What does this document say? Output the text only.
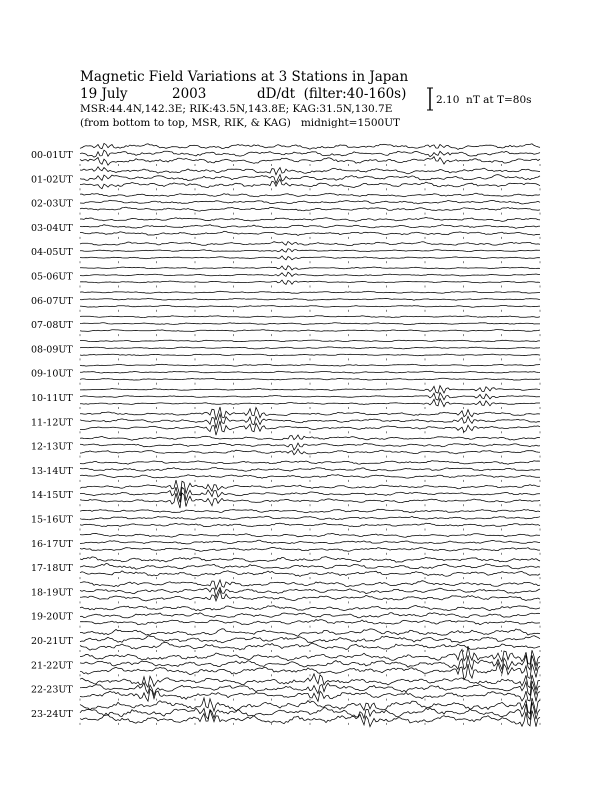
Magnetic Field Variations at 3 Stations in Japan

19 July

	2003

	dD/dt  (filter:40-160s)

MSR:44.4N,142.3E; RIK:43.5N,143.8E; KAG:31.5N,130.7E
(from bottom to top, MSR, RIK, & KAG)   midnight=1500UT
2.10  nT at T=80s
00-01UT
01-02UT
02-03UT
03-04UT
04-05UT
05-06UT
06-07UT
07-08UT
08-09UT
09-10UT
10-11UT
11-12UT
12-13UT
13-14UT
14-15UT
15-16UT
16-17UT
17-18UT
18-19UT
19-20UT
20-21UT
21-22UT
22-23UT
23-24UT
